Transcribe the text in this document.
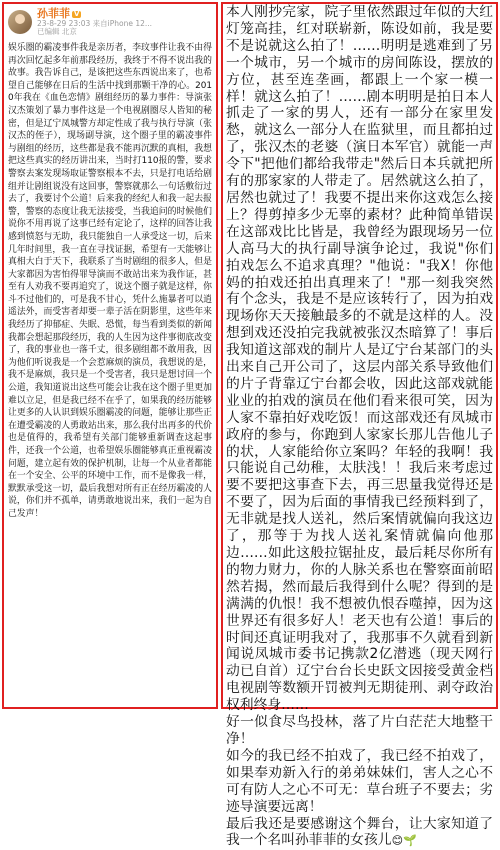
孙菲菲 V
23-8-29 23:03 来自iPhone 12...
已编辑 北京
娱乐圈的霸凌事件我是亲历者，李玟事件让我不由得再次回忆起多年前那段经历，我终于不得不说出我的故事。我告诉自己，是该把这些东西说出来了，也希望自己能够在日后的生活中找到那颗干净的心。2010年我在《血色恋情》剧组经历的暴力事件：导演张汉杰策划了暴力事件这是一个电视剧圈尽人皆知的秘密，但是辽宁凤城警方却定性成了我与执行导演（张汉杰的侄子），现场副导演，这个圈子里的霸凌事件与剧组的经历，这些都是我不能再沉默的真相，我想把这些真实的经历讲出来，当时打110报的警，要求警察去案发现场取证警察根本不去，只是打电话给剧组并让剧组说没有这回事，警察就那么一句话敷衍过去了，我要讨个公道！后来我的经纪人和我一起去报警，警察的态度让我无法接受，当我追问的时候他们说你不用再说了这事已经有定论了，这样的回答让我感到愤怒与无助，我只能独自一人承受这一切，后来几年时间里，我一直在寻找证据，希望有一天能够让真相大白于天下，我联系了当时剧组的很多人，但是大家都因为害怕得罪导演而不敢站出来为我作证，甚至有人劝我不要再追究了，说这个圈子就是这样，你斗不过他们的，可是我不甘心，凭什么施暴者可以逍遥法外，而受害者却要一辈子活在阴影里，这些年来我经历了抑郁症、失眠、恐慌，每当看到类似的新闻我都会想起那段经历，我的人生因为这件事彻底改变了，我的事业也一落千丈，很多剧组都不敢用我，因为他们听说我是一个会惹麻烦的演员，我想说的是，我不是麻烦，我只是一个受害者，我只是想讨回一个公道，我知道说出这些可能会让我在这个圈子里更加难以立足，但是我已经不在乎了，如果我的经历能够让更多的人认识到娱乐圈霸凌的问题，能够让那些正在遭受霸凌的人勇敢站出来，那么我付出再多的代价也是值得的，我希望有关部门能够重新调查这起事件，还我一个公道，也希望娱乐圈能够真正重视霸凌问题，建立起有效的保护机制，让每一个从业者都能在一个安全、公平的环境中工作，而不是像我一样，默默承受这一切，最后我想对所有正在经历霸凌的人说，你们并不孤单，请勇敢地说出来，我们一起为自己发声！

本人刚抄完家，院子里依然跟过年似的大红灯笼高挂，红对联崭新，陈设如前，我是要不是说就这么拍了！……明明是逃难到了另一个城市，另一个城市的房间陈设，摆放的方位，甚至连垄画，都跟上一个家一模一样！就这么拍了！……剧本明明是拍日本人抓走了一家的男人，还有一部分在家里发愁，就这么一部分人在监狱里，而且都拍过了，张汉杰的老婆（演日本军官）就能一声令下"把他们都给我带走"然后日本兵就把所有的那家家的人带走了。居然就这么拍了，居然也就过了！我要不提出来你这戏怎么接上？得剪掉多少无辜的素材？此种简单错误在这部戏比比皆是，我曾经为跟现场另一位人高马大的执行副导演争论过，我说"你们拍戏怎么不追求真理？"他说："我X！你他妈的拍戏还拍出真理来了！"那一刻我突然有个念头，我是不是应该转行了，因为拍戏现场你天天接触最多的不就是这样的人。没想到戏还没拍完我就被张汉杰暗算了！事后我知道这部戏的制片人是辽宁台某部门的头出来自己开公司了，这层内部关系导致他们的片子背靠辽宁台都会收，因此这部戏就能业业的拍戏的演员在他们看来很可笑，因为人家不靠拍好戏吃饭！而这部戏还有凤城市政府的参与，你跑到人家家长那儿告他儿子的状，人家能给你立案吗？年轻的我啊！我只能说自己幼稚，太肤浅！！我后来考虑过要不要把这事查下去，再三思量我觉得还是不要了，因为后面的事情我已经预料到了，无非就是找人送礼，然后案情就偏向我这边了，那等于为找人送礼案情就偏向他那边……如此这般拉锯扯皮，最后耗尽你所有的物力财力，你的人脉关系也在警察面前昭然若揭，然而最后我得到什么呢？得到的是满满的仇恨！我不想被仇恨吞噬掉，因为这世界还有很多好人！老天也有公道！事后的时间还真证明我对了，我那事不久就看到新闻说凤城市委书记携款2亿潜逃（现天网行动已自首）辽宁台台长史跃文因接受黄金档电视剧等数额开罚被判无期徒刑、剥夺政治权利终身……

好一似食尽鸟投林，落了片白茫茫大地整干净！

如今的我已经不拍戏了，我已经不拍戏了，如果奉劝新入行的弟弟妹妹们，害人之心不可有防人之心不可无：草台班子不要去；劣迹导演要远离！

最后我还是要感谢这个舞台，让大家知道了我一个名叫孙菲菲的女孩儿😊🌱
